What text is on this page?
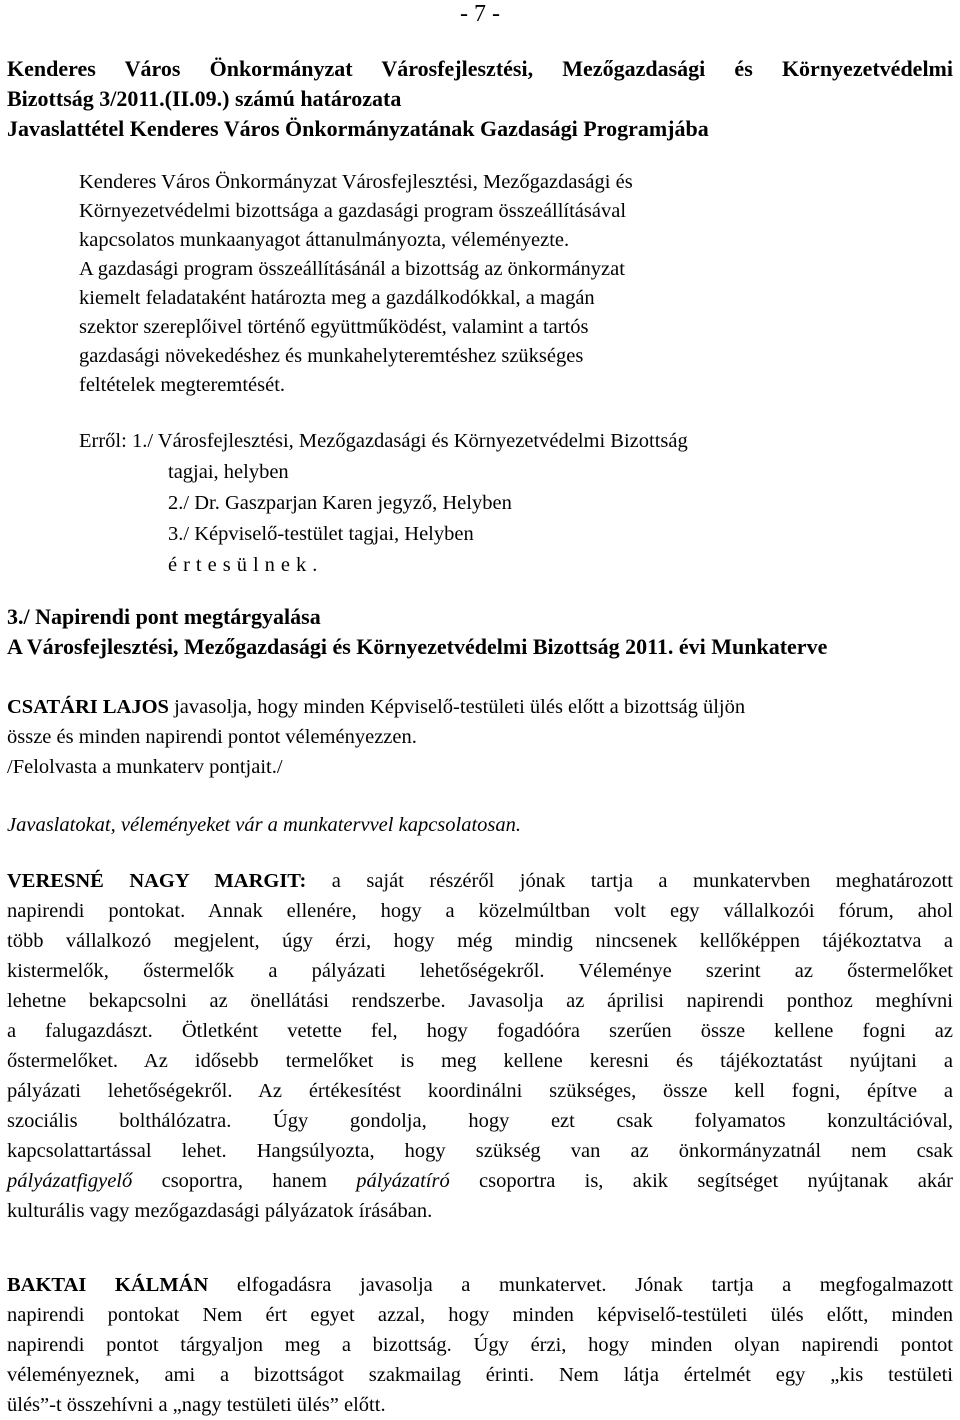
- 7 -
Kenderes Város Önkormányzat Városfejlesztési, Mezőgazdasági és Környezetvédelmi
Bizottság 3/2011.(II.09.) számú határozata
Javaslattétel Kenderes Város Önkormányzatának Gazdasági Programjába
Kenderes Város Önkormányzat Városfejlesztési, Mezőgazdasági és
Környezetvédelmi bizottsága a gazdasági program összeállításával
kapcsolatos munkaanyagot áttanulmányozta, véleményezte.
A gazdasági program összeállításánál a bizottság az önkormányzat
kiemelt feladataként határozta meg a gazdálkodókkal, a magán
szektor szereplőivel történő együttműködést, valamint a tartós
gazdasági növekedéshez és munkahelyteremtéshez szükséges
feltételek megteremtését.
Erről: 1./ Városfejlesztési, Mezőgazdasági és Környezetvédelmi Bizottság
tagjai, helyben
2./ Dr. Gaszparjan Karen jegyző, Helyben
3./ Képviselő-testület tagjai, Helyben
értesülnek.
3./ Napirendi pont megtárgyalása
A Városfejlesztési, Mezőgazdasági és Környezetvédelmi Bizottság 2011. évi Munkaterve
CSATÁRI LAJOS javasolja, hogy minden Képviselő-testületi ülés előtt a bizottság üljön
össze és minden napirendi pontot véleményezzen.
/Felolvasta a munkaterv pontjait./
Javaslatokat, véleményeket vár a munkatervvel kapcsolatosan.
VERESNÉ NAGY MARGIT: a saját részéről jónak tartja a munkatervben meghatározott
napirendi pontokat. Annak ellenére, hogy a közelmúltban volt egy vállalkozói fórum, ahol
több vállalkozó megjelent, úgy érzi, hogy még mindig nincsenek kellőképpen tájékoztatva a
kistermelők, őstermelők a pályázati lehetőségekről. Véleménye szerint az őstermelőket
lehetne bekapcsolni az önellátási rendszerbe. Javasolja az áprilisi napirendi ponthoz meghívni
a falugazdászt. Ötletként vetette fel, hogy fogadóóra szerűen össze kellene fogni az
őstermelőket. Az idősebb termelőket is meg kellene keresni és tájékoztatást nyújtani a
pályázati lehetőségekről. Az értékesítést koordinálni szükséges, össze kell fogni, építve a
szociális bolthálózatra. Úgy gondolja, hogy ezt csak folyamatos konzultációval,
kapcsolattartással lehet. Hangsúlyozta, hogy szükség van az önkormányzatnál nem csak
pályázatfigyelő csoportra, hanem pályázatíró csoportra is, akik segítséget nyújtanak akár
kulturális vagy mezőgazdasági pályázatok írásában.
BAKTAI KÁLMÁN elfogadásra javasolja a munkatervet. Jónak tartja a megfogalmazott
napirendi pontokat Nem ért egyet azzal, hogy minden képviselő-testületi ülés előtt, minden
napirendi pontot tárgyaljon meg a bizottság. Úgy érzi, hogy minden olyan napirendi pontot
véleményeznek, ami a bizottságot szakmailag érinti. Nem látja értelmét egy „kis testületi
ülés”-t összehívni a „nagy testületi ülés” előtt.
